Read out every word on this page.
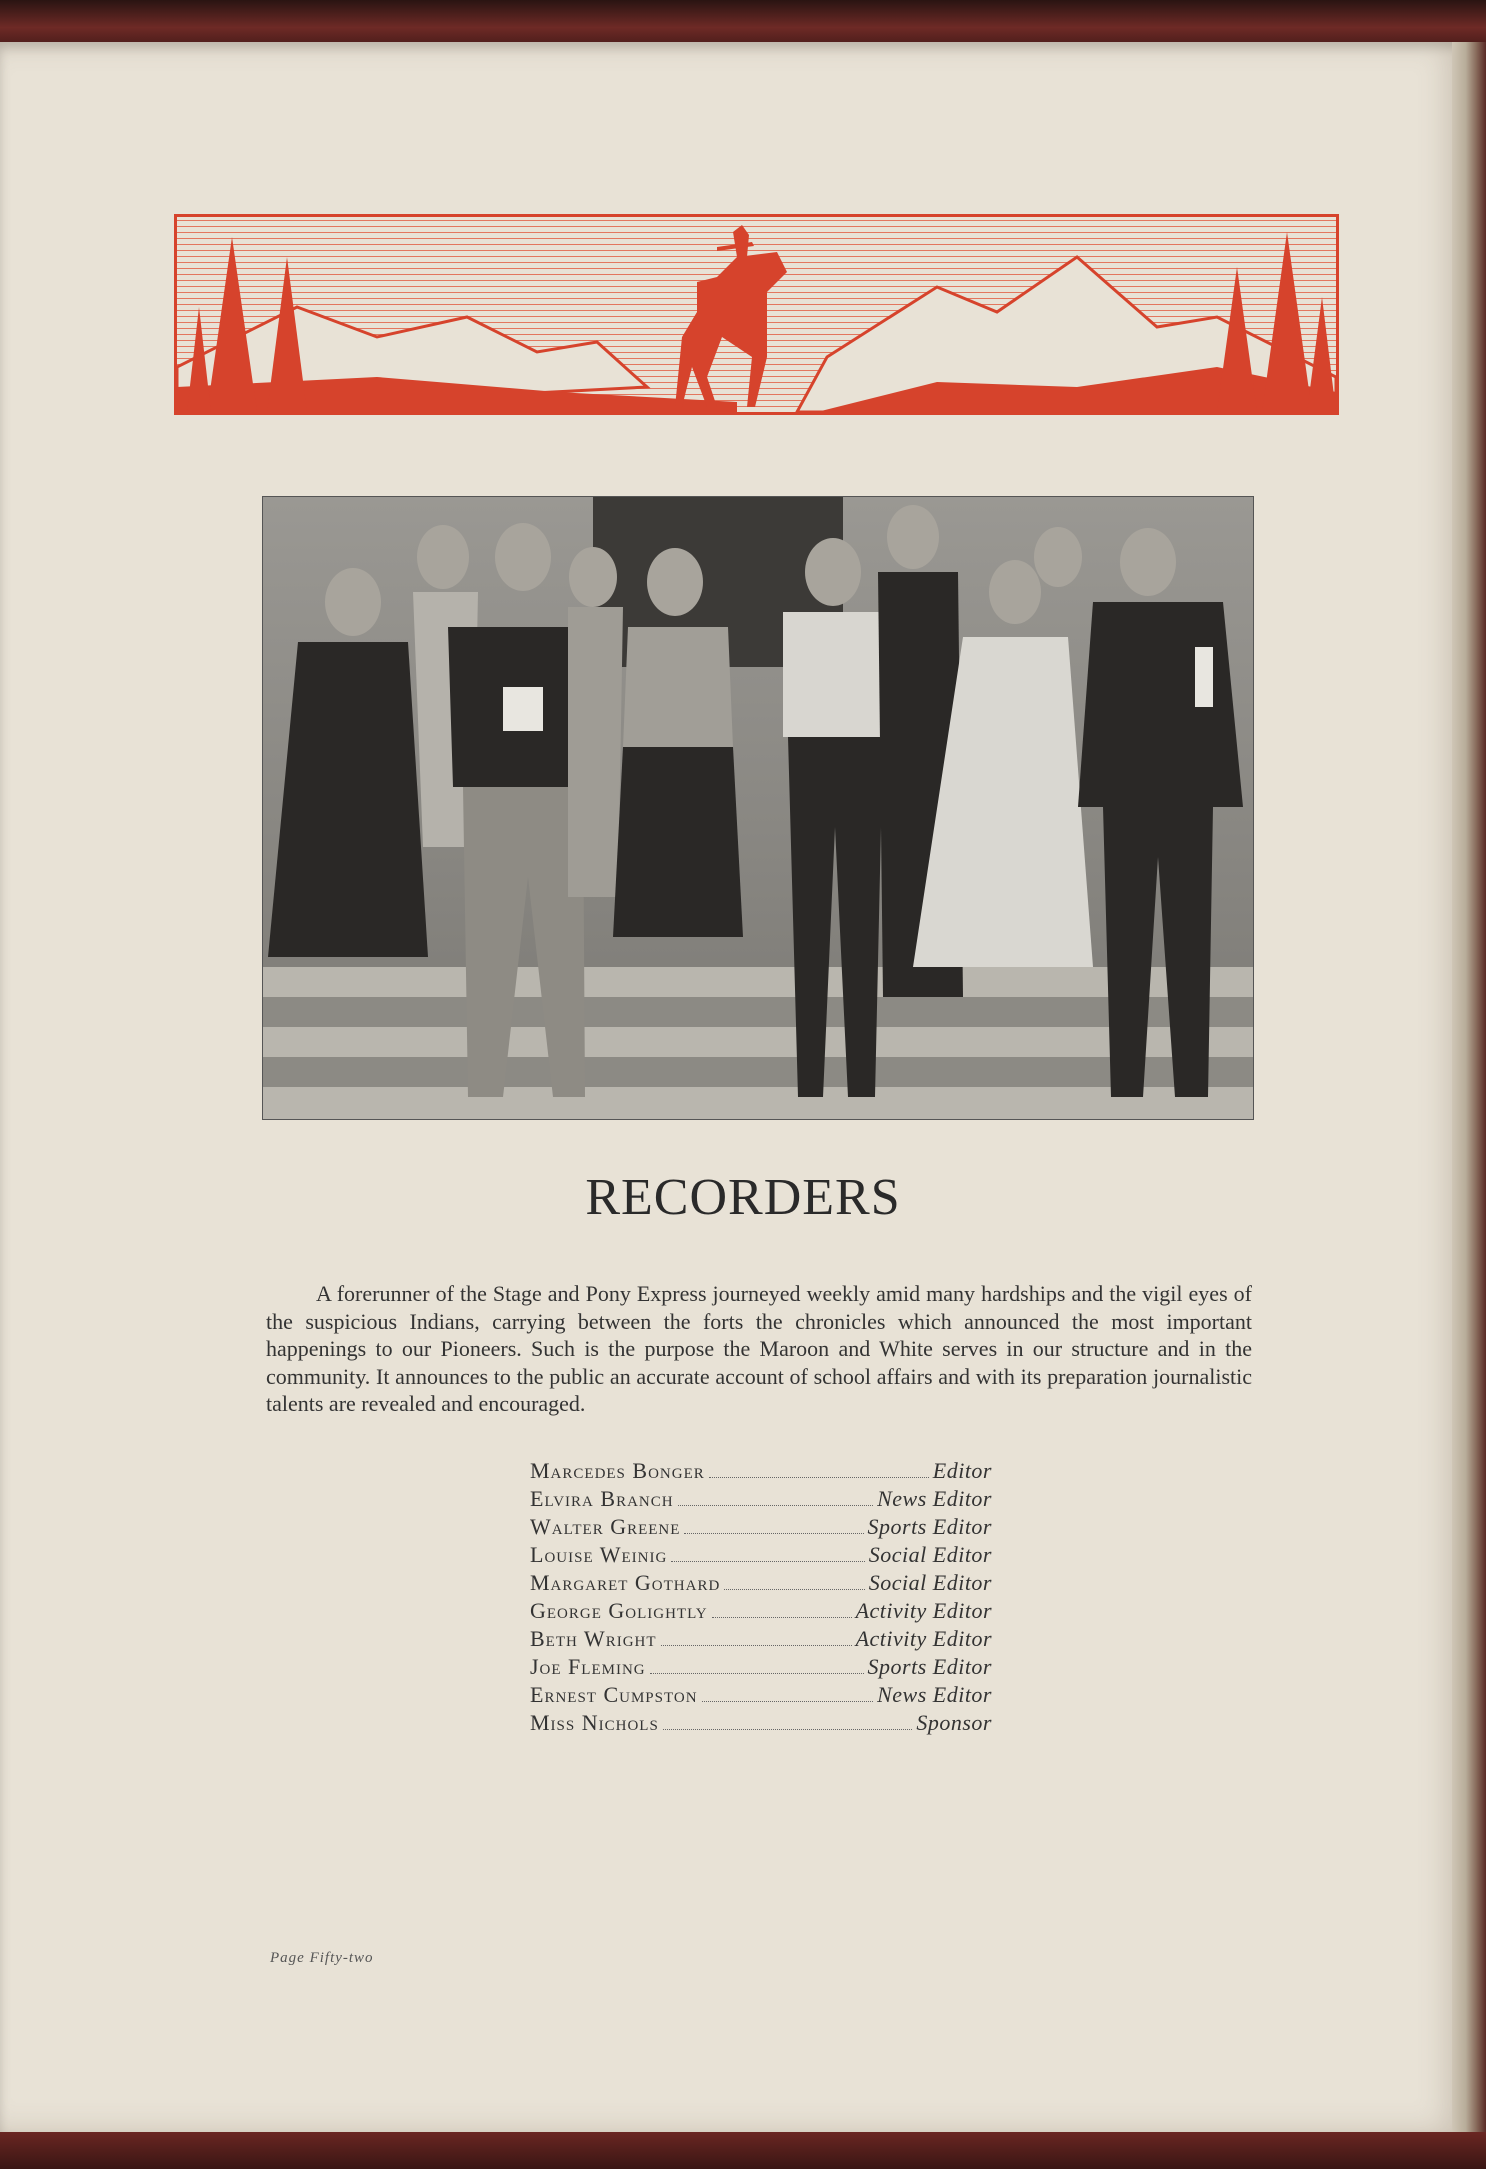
RECORDERS

A forerunner of the Stage and Pony Express journeyed weekly amid many hardships and the vigil eyes of the suspicious Indians, carrying between the forts the chronicles which announced the most important happenings to our Pioneers. Such is the purpose the Maroon and White serves in our structure and in the community. It announces to the public an accurate account of school affairs and with its preparation journalistic talents are revealed and encouraged.

Marcedes Bonger	Editor
Elvira Branch	News Editor
Walter Greene	Sports Editor
Louise Weinig	Social Editor
Margaret Gothard	Social Editor
George Golightly	Activity Editor
Beth Wright	Activity Editor
Joe Fleming	Sports Editor
Ernest Cumpston	News Editor
Miss Nichols	Sponsor
Page Fifty-two
